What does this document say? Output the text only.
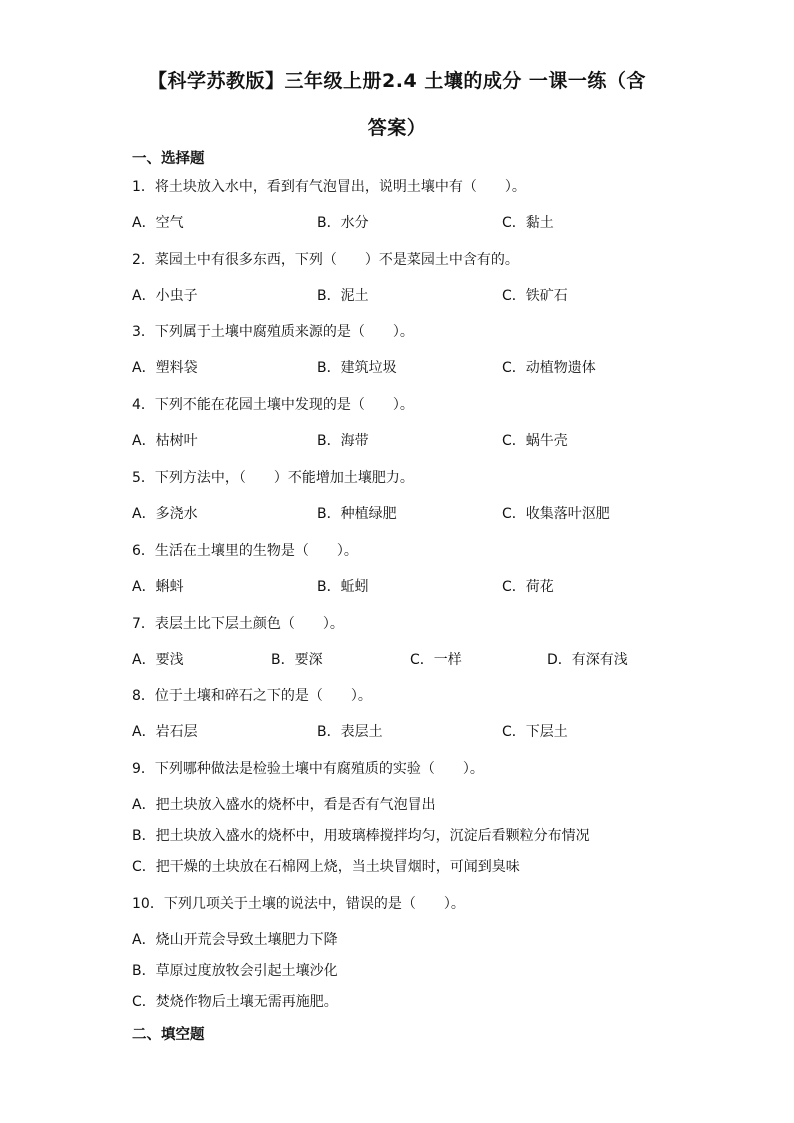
【科学苏教版】三年级上册2.4 土壤的成分 一课一练（含
答案）
一、选择题
1．将土块放入水中，看到有气泡冒出，说明土壤中有（　　）。
A．空气	B．水分	C．黏土
2．菜园土中有很多东西，下列（　　）不是菜园土中含有的。
A．小虫子	B．泥土	C．铁矿石
3．下列属于土壤中腐殖质来源的是（　　）。
A．塑料袋	B．建筑垃圾	C．动植物遗体
4．下列不能在花园土壤中发现的是（　　）。
A．枯树叶	B．海带	C．蜗牛壳
5．下列方法中，（　　）不能增加土壤肥力。
A．多浇水	B．种植绿肥	C．收集落叶沤肥
6．生活在土壤里的生物是（　　）。
A．蝌蚪	B．蚯蚓	C．荷花
7．表层土比下层土颜色（　　）。
A．要浅	B．要深	C．一样	D．有深有浅
8．位于土壤和碎石之下的是（　　）。
A．岩石层	B．表层土	C．下层土
9．下列哪种做法是检验土壤中有腐殖质的实验（　　）。
A．把土块放入盛水的烧杯中，看是否有气泡冒出
B．把土块放入盛水的烧杯中，用玻璃棒搅拌均匀，沉淀后看颗粒分布情况
C．把干燥的土块放在石棉网上烧，当土块冒烟时，可闻到臭味
10．下列几项关于土壤的说法中，错误的是（　　）。
A．烧山开荒会导致土壤肥力下降
B．草原过度放牧会引起土壤沙化
C．焚烧作物后土壤无需再施肥。
二、填空题
